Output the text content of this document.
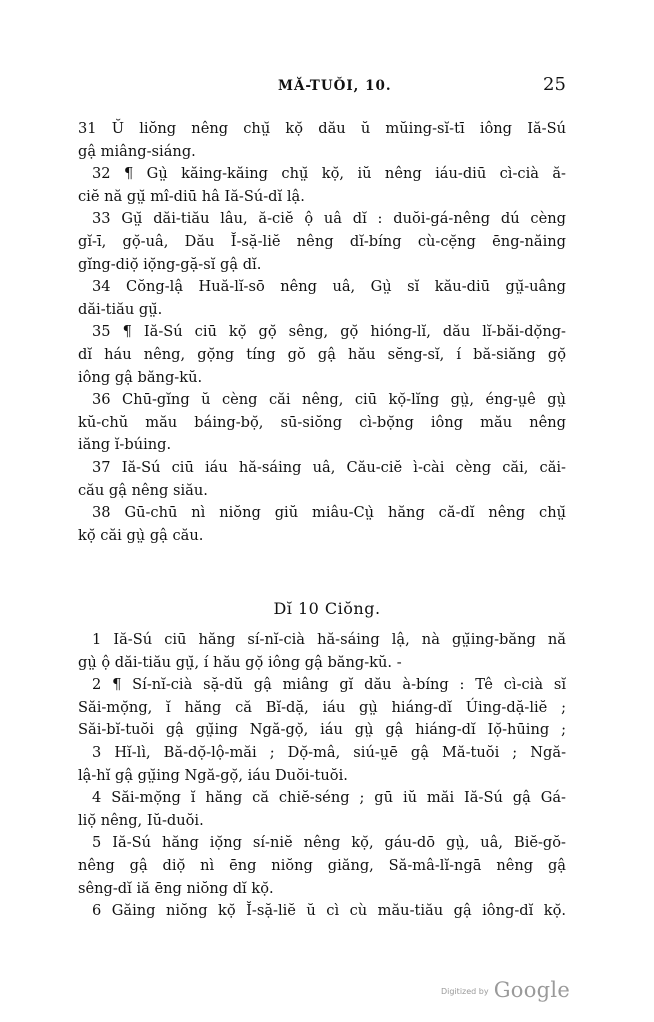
MĂ-TUŎI, 10.	25
31 Ŭ liŏng nêng chṳ̆ kọ̆ dău ŭ mŭing-sĭ-tī iông Iă-Sú
gậ miâng-siáng.
32 ¶ Gṳ̀ kăing-kăing chṳ̆ kọ̆, iŭ nêng iáu-diū cì-cià ă-
ciĕ nă gṳ̆ mî-diū hâ Iă-Sú-dĭ lậ.
33 Gṳ̆ dăi-tiău lâu, ă-ciĕ ộ uâ dĭ : duŏi-gá-nêng dú cèng
gĭ-ī, gọ̆-uâ, Dău Ĭ-sặ-liĕ nêng dĭ-bíng cù-cẹ̆ng ēng-năing
gĭng-diọ̆ iọ̆ng-gặ-sĭ gậ dĭ.
34 Cŏng-lậ Huă-lĭ-sō nêng uâ, Gṳ̀ sĭ kău-diū gṳ̆-uâng
dăi-tiău gṳ̆.
35 ¶ Iă-Sú ciū kọ̆ gọ̆ sêng, gọ̆ hióng-lĭ, dău lĭ-băi-dọ̆ng-
dĭ háu nêng, gọ̆ng tíng gŏ gậ hău sĕng-sĭ, í bă-siăng gọ̆
iông gậ băng-kŭ.
36 Chū-gĭng ŭ cèng căi nêng, ciū kọ̆-lĭng gṳ̀, éng-ṳê gṳ̀
kŭ-chŭ mău báing-bọ̆, sū-siŏng cì-bọ̆ng iông mău nêng
iăng ĭ-búing.
37 Iă-Sú ciū iáu hă-sáing uâ, Cău-ciĕ ì-cài cèng căi, căi-
cău gậ nêng siău.
38 Gū-chū nì niŏng giŭ miâu-Cṳ̀ hăng că-dĭ nêng chṳ̆
kọ̆ căi gṳ̀ gậ cău.
Dĭ 10 Ciŏng.
1 Iă-Sú ciū hăng sí-nĭ-cià hă-sáing lậ, nà gṳ̆ing-băng nă
gṳ̀ ộ dăi-tiău gṳ̆, í hău gọ̆ iông gậ băng-kŭ. -
2 ¶ Sí-nĭ-cià sặ-dŭ gậ miâng gĭ dău à-bíng : Tê cì-cià sĭ
Săi-mọ̆ng, ĭ hăng că Bĭ-dặ, iáu gṳ̀ hiáng-dĭ Úing-dặ-liĕ ;
Săi-bĭ-tuŏi gậ gṳ̆ing Ngă-gọ̆, iáu gṳ̀ gậ hiáng-dĭ Iọ̆-hūing ;
3 Hĭ-lì, Bă-dọ̆-lộ-măi ; Dọ̆-mâ, siú-ṳē gậ Mă-tuŏi ; Ngă-
lậ-hĭ gậ gṳ̆ing Ngă-gọ̆, iáu Duŏi-tuŏi.
4 Săi-mọ̆ng ĭ hăng că chiĕ-séng ; gū iŭ măi Iă-Sú gậ Gá-
liọ̆ nêng, Iŭ-duŏi.
5 Iă-Sú hăng iọ̆ng sí-niĕ nêng kọ̆, gáu-dō gṳ̀, uâ, Biĕ-gŏ-
nêng gậ diọ̆ nì ēng niŏng giăng, Să-mâ-lĭ-ngā nêng gậ
sêng-dĭ iă ēng niŏng dĭ kọ̆.
6 Găing niŏng kọ̆ Ĭ-sặ-liĕ ŭ cì cù mău-tiău gậ iông-dĭ kọ̆.
Digitized by Google
